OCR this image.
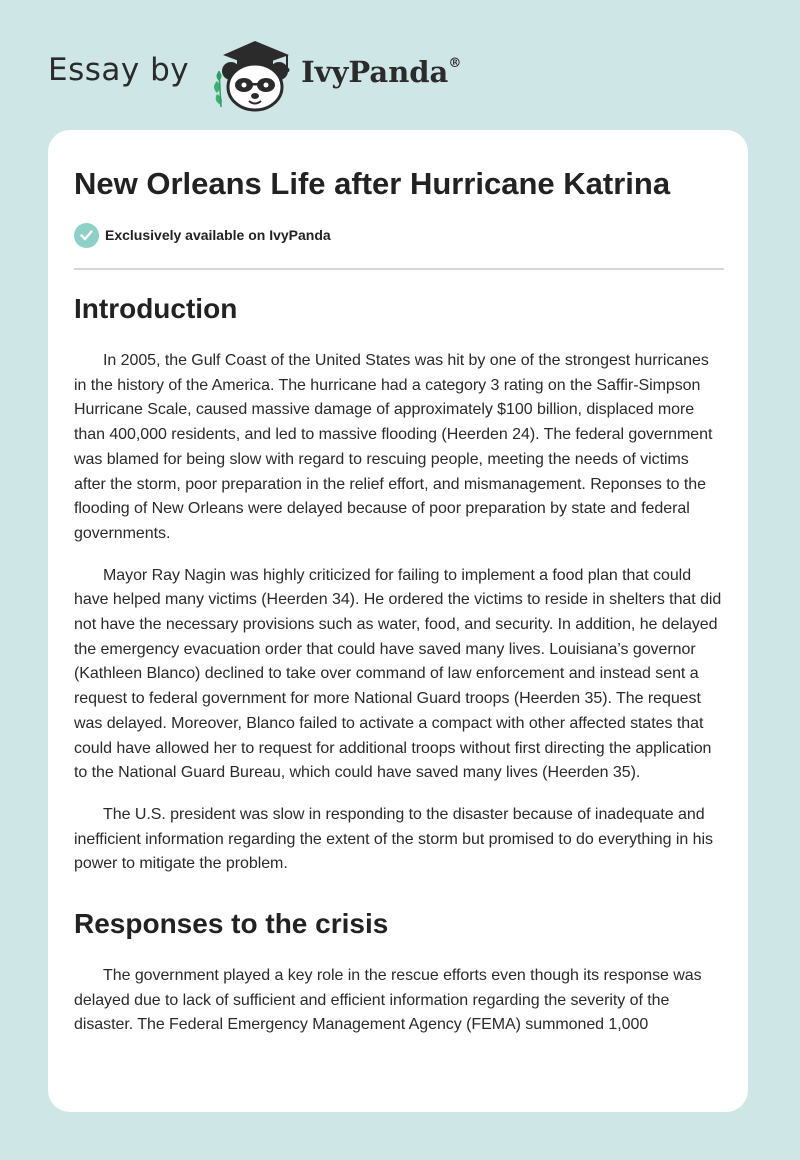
Essay by	IvyPanda®
New Orleans Life after Hurricane Katrina
Exclusively available on IvyPanda
Introduction

In 2005, the Gulf Coast of the United States was hit by one of the strongest hurricanes in the history of the America. The hurricane had a category 3 rating on the Saffir-Simpson Hurricane Scale, caused massive damage of approximately $100 billion, displaced more than 400,000 residents, and led to massive flooding (Heerden 24). The federal government was blamed for being slow with regard to rescuing people, meeting the needs of victims after the storm, poor preparation in the relief effort, and mismanagement. Reponses to the flooding of New Orleans were delayed because of poor preparation by state and federal governments.

Mayor Ray Nagin was highly criticized for failing to implement a food plan that could have helped many victims (Heerden 34). He ordered the victims to reside in shelters that did not have the necessary provisions such as water, food, and security. In addition, he delayed the emergency evacuation order that could have saved many lives. Louisiana’s governor (Kathleen Blanco) declined to take over command of law enforcement and instead sent a request to federal government for more National Guard troops (Heerden 35). The request was delayed. Moreover, Blanco failed to activate a compact with other affected states that could have allowed her to request for additional troops without first directing the application to the National Guard Bureau, which could have saved many lives (Heerden 35).

The U.S. president was slow in responding to the disaster because of inadequate and inefficient information regarding the extent of the storm but promised to do everything in his power to mitigate the problem.

Responses to the crisis

The government played a key role in the rescue efforts even though its response was delayed due to lack of sufficient and efficient information regarding the severity of the disaster. The Federal Emergency Management Agency (FEMA) summoned 1,000
